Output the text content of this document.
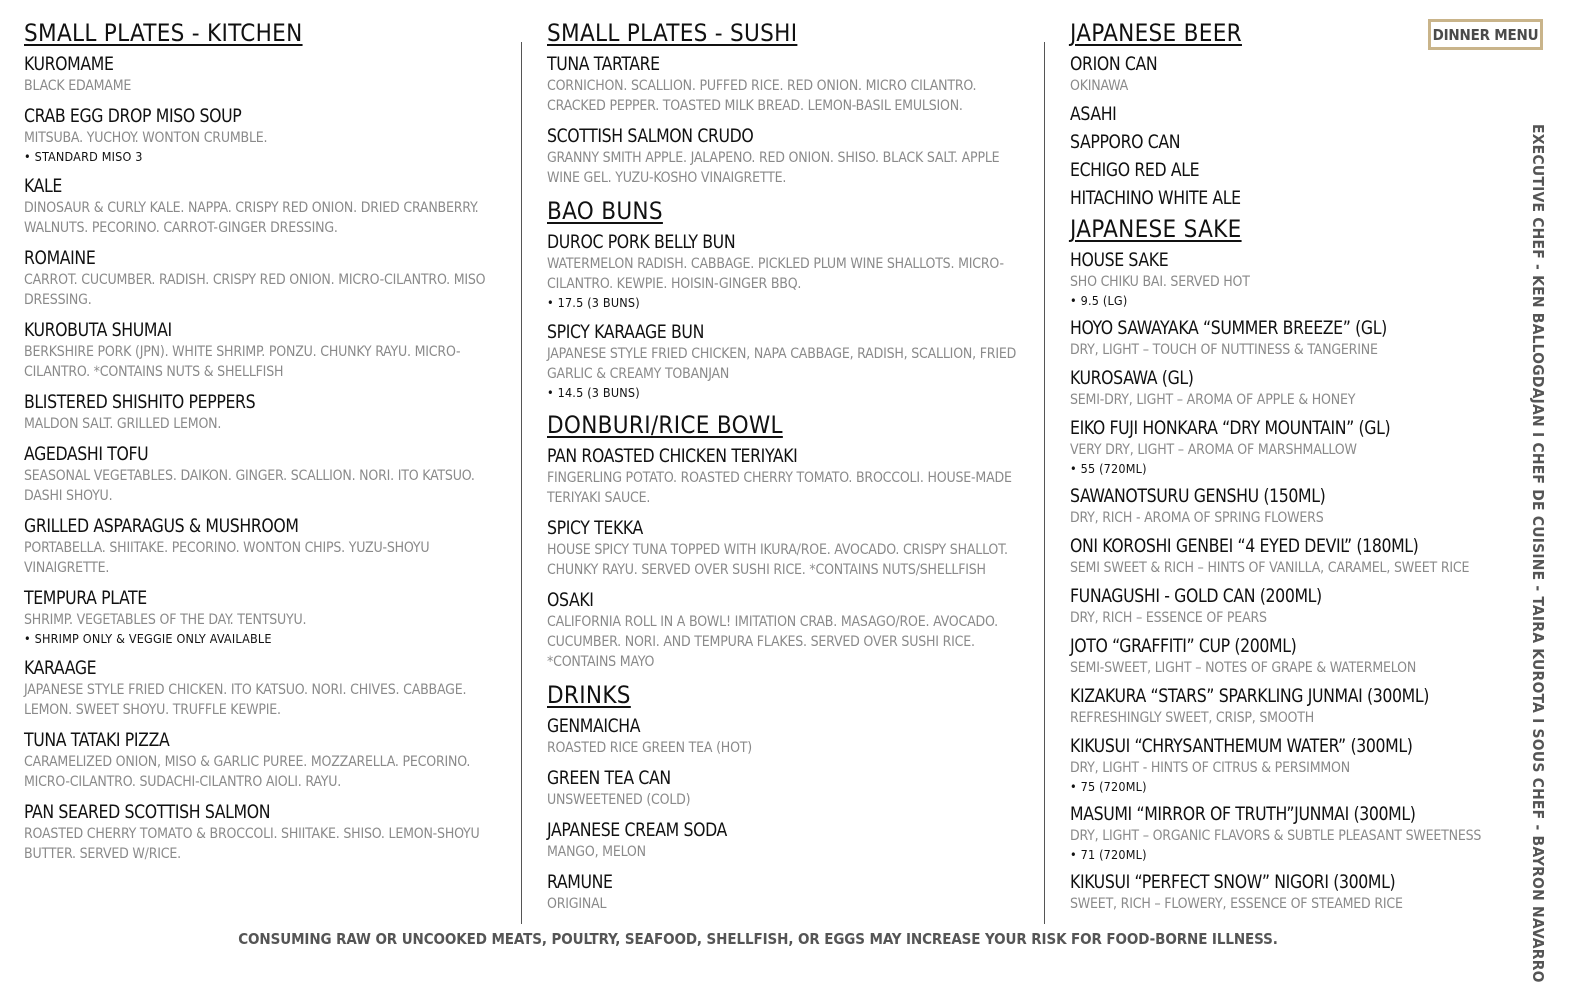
SMALL PLATES - KITCHEN
KUROMAME
BLACK EDAMAME
CRAB EGG DROP MISO SOUP
MITSUBA. YUCHOY. WONTON CRUMBLE.
• STANDARD MISO 3
KALE
DINOSAUR & CURLY KALE. NAPPA. CRISPY RED ONION. DRIED CRANBERRY. WALNUTS. PECORINO. CARROT-GINGER DRESSING.
ROMAINE
CARROT. CUCUMBER. RADISH. CRISPY RED ONION. MICRO-CILANTRO. MISO DRESSING.
KUROBUTA SHUMAI
BERKSHIRE PORK (JPN). WHITE SHRIMP. PONZU. CHUNKY RAYU. MICRO-CILANTRO. *CONTAINS NUTS & SHELLFISH
BLISTERED SHISHITO PEPPERS
MALDON SALT. GRILLED LEMON.
AGEDASHI TOFU
SEASONAL VEGETABLES. DAIKON. GINGER. SCALLION. NORI. ITO KATSUO. DASHI SHOYU.
GRILLED ASPARAGUS & MUSHROOM
PORTABELLA. SHIITAKE. PECORINO. WONTON CHIPS. YUZU-SHOYU VINAIGRETTE.
TEMPURA PLATE
SHRIMP. VEGETABLES OF THE DAY. TENTSUYU.
• SHRIMP ONLY & VEGGIE ONLY AVAILABLE
KARAAGE
JAPANESE STYLE FRIED CHICKEN. ITO KATSUO. NORI. CHIVES. CABBAGE. LEMON. SWEET SHOYU. TRUFFLE KEWPIE.
TUNA TATAKI PIZZA
CARAMELIZED ONION, MISO & GARLIC PUREE. MOZZARELLA. PECORINO. MICRO-CILANTRO. SUDACHI-CILANTRO AIOLI. RAYU.
PAN SEARED SCOTTISH SALMON
ROASTED CHERRY TOMATO & BROCCOLI. SHIITAKE. SHISO. LEMON-SHOYU BUTTER. SERVED W/RICE.
SMALL PLATES - SUSHI
TUNA TARTARE
CORNICHON. SCALLION. PUFFED RICE. RED ONION. MICRO CILANTRO. CRACKED PEPPER. TOASTED MILK BREAD. LEMON-BASIL EMULSION.
SCOTTISH SALMON CRUDO
GRANNY SMITH APPLE. JALAPENO. RED ONION. SHISO. BLACK SALT. APPLE WINE GEL. YUZU-KOSHO VINAIGRETTE.
BAO BUNS
DUROC PORK BELLY BUN
WATERMELON RADISH. CABBAGE. PICKLED PLUM WINE SHALLOTS. MICRO-CILANTRO. KEWPIE. HOISIN-GINGER BBQ.
• 17.5 (3 BUNS)
SPICY KARAAGE BUN
JAPANESE STYLE FRIED CHICKEN, NAPA CABBAGE, RADISH, SCALLION, FRIED GARLIC & CREAMY TOBANJAN
• 14.5 (3 BUNS)
DONBURI/RICE BOWL
PAN ROASTED CHICKEN TERIYAKI
FINGERLING POTATO. ROASTED CHERRY TOMATO. BROCCOLI. HOUSE-MADE TERIYAKI SAUCE.
SPICY TEKKA
HOUSE SPICY TUNA TOPPED WITH IKURA/ROE. AVOCADO. CRISPY SHALLOT. CHUNKY RAYU. SERVED OVER SUSHI RICE. *CONTAINS NUTS/SHELLFISH
OSAKI
CALIFORNIA ROLL IN A BOWL! IMITATION CRAB. MASAGO/ROE. AVOCADO. CUCUMBER. NORI. AND TEMPURA FLAKES. SERVED OVER SUSHI RICE. *CONTAINS MAYO
DRINKS
GENMAICHA
ROASTED RICE GREEN TEA (HOT)
GREEN TEA CAN
UNSWEETENED (COLD)
JAPANESE CREAM SODA
MANGO, MELON
RAMUNE
ORIGINAL
JAPANESE BEER
ORION CAN
OKINAWA
ASAHI
SAPPORO CAN
ECHIGO RED ALE
HITACHINO WHITE ALE
JAPANESE SAKE
HOUSE SAKE
SHO CHIKU BAI. SERVED HOT
• 9.5 (LG)
HOYO SAWAYAKA “SUMMER BREEZE” (GL)
DRY, LIGHT – TOUCH OF NUTTINESS & TANGERINE
KUROSAWA (GL)
SEMI-DRY, LIGHT – AROMA OF APPLE & HONEY
EIKO FUJI HONKARA “DRY MOUNTAIN” (GL)
VERY DRY, LIGHT – AROMA OF MARSHMALLOW
• 55 (720ML)
SAWANOTSURU GENSHU (150ML)
DRY, RICH - AROMA OF SPRING FLOWERS
ONI KOROSHI GENBEI “4 EYED DEVIL” (180ML)
SEMI SWEET & RICH – HINTS OF VANILLA, CARAMEL, SWEET RICE
FUNAGUSHI - GOLD CAN (200ML)
DRY, RICH – ESSENCE OF PEARS
JOTO “GRAFFITI” CUP (200ML)
SEMI-SWEET, LIGHT – NOTES OF GRAPE & WATERMELON
KIZAKURA “STARS” SPARKLING JUNMAI (300ML)
REFRESHINGLY SWEET, CRISP, SMOOTH
KIKUSUI “CHRYSANTHEMUM WATER” (300ML)
DRY, LIGHT - HINTS OF CITRUS & PERSIMMON
• 75 (720ML)
MASUMI “MIRROR OF TRUTH”JUNMAI (300ML)
DRY, LIGHT – ORGANIC FLAVORS & SUBTLE PLEASANT SWEETNESS
• 71 (720ML)
KIKUSUI “PERFECT SNOW” NIGORI (300ML)
SWEET, RICH – FLOWERY, ESSENCE OF STEAMED RICE
DINNER MENU
EXECUTIVE CHEF - KEN BALLOGDAJAN I CHEF DE CUISINE - TAIRA KUROTA I SOUS CHEF - BAYRON NAVARRO
CONSUMING RAW OR UNCOOKED MEATS, POULTRY, SEAFOOD, SHELLFISH, OR EGGS MAY INCREASE YOUR RISK FOR FOOD-BORNE ILLNESS.
